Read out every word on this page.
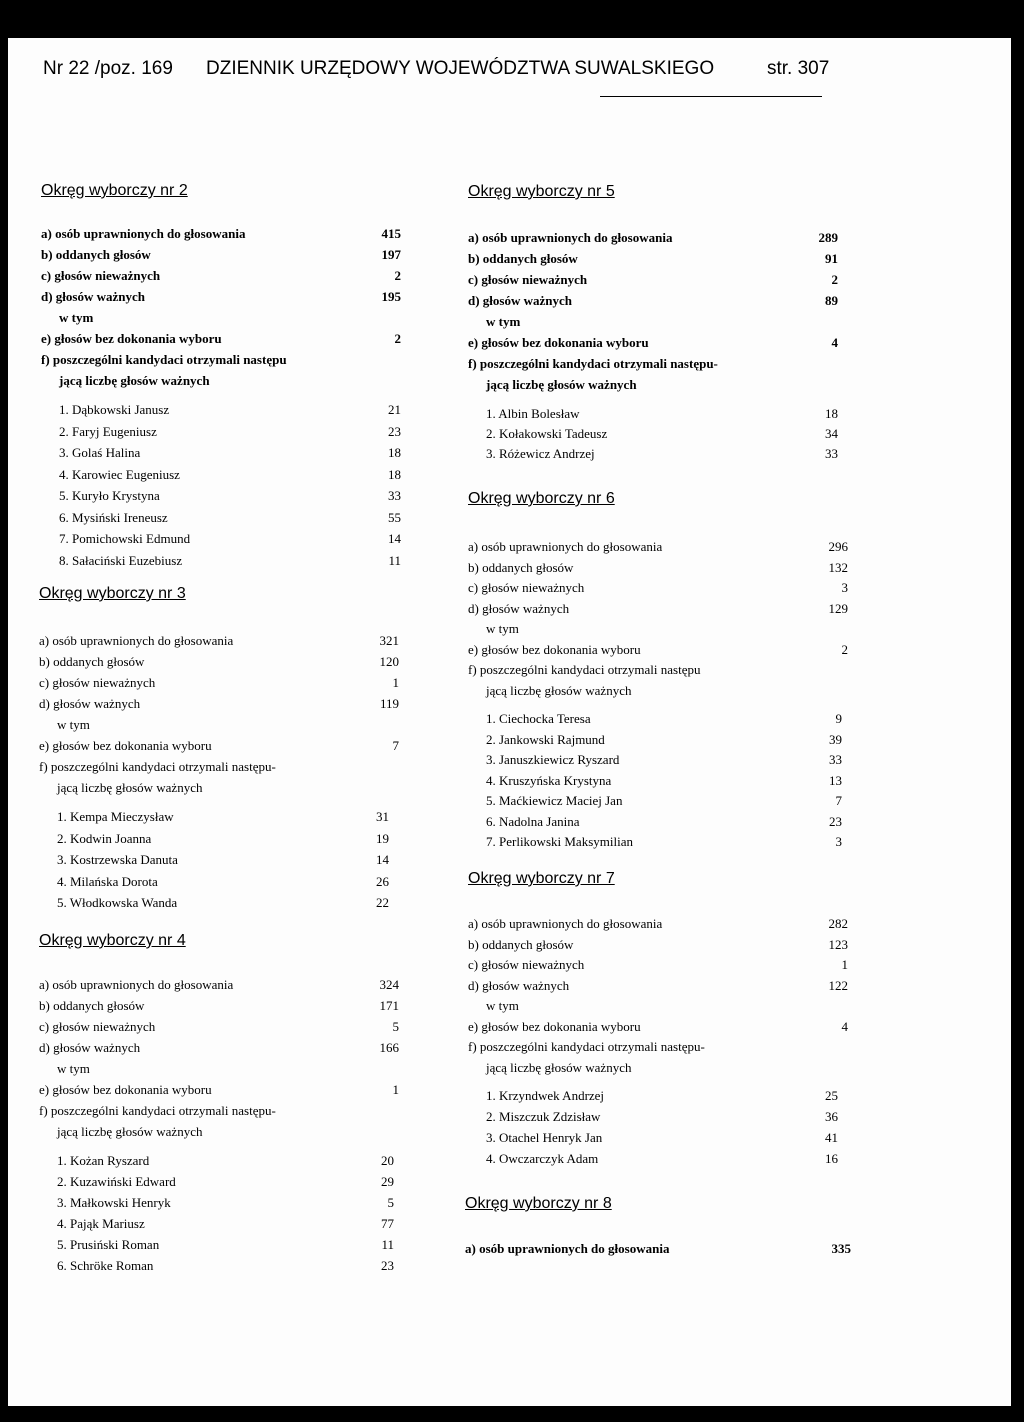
Nr 22 /poz. 169 DZIENNIK URZĘDOWY WOJEWÓDZTWA SUWALSKIEGO	str. 307
Okręg wyborczy nr 2
a) osób uprawnionych do głosowania	415
b) oddanych głosów	197
c) głosów nieważnych	2
d) głosów ważnych	195
w tym
e) głosów bez dokonania wyboru	2
f) poszczególni kandydaci otrzymali następu
jącą liczbę głosów ważnych
1. Dąbkowski Janusz	21
2. Faryj Eugeniusz	23
3. Golaś Halina	18
4. Karowiec Eugeniusz	18
5. Kuryło Krystyna	33
6. Mysiński Ireneusz	55
7. Pomichowski Edmund	14
8. Sałaciński Euzebiusz	11
Okręg wyborczy nr 3
a) osób uprawnionych do głosowania	321
b) oddanych głosów	120
c) głosów nieważnych	1
d) głosów ważnych	119
w tym
e) głosów bez dokonania wyboru	7
f) poszczególni kandydaci otrzymali następu-
jącą liczbę głosów ważnych
1. Kempa Mieczysław	31
2. Kodwin Joanna	19
3. Kostrzewska Danuta	14
4. Milańska Dorota	26
5. Włodkowska Wanda	22
Okręg wyborczy nr 4
a) osób uprawnionych do głosowania	324
b) oddanych głosów	171
c) głosów nieważnych	5
d) głosów ważnych	166
w tym
e) głosów bez dokonania wyboru	1
f) poszczególni kandydaci otrzymali następu-
jącą liczbę głosów ważnych
1. Kożan Ryszard	20
2. Kuzawiński Edward	29
3. Małkowski Henryk	5
4. Pająk Mariusz	77
5. Prusiński Roman	11
6. Schröke Roman	23
Okręg wyborczy nr 5
a) osób uprawnionych do głosowania	289
b) oddanych głosów	91
c) głosów nieważnych	2
d) głosów ważnych	89
w tym
e) głosów bez dokonania wyboru	4
f) poszczególni kandydaci otrzymali następu-
jącą liczbę głosów ważnych
1. Albin Bolesław	18
2. Kołakowski Tadeusz	34
3. Różewicz Andrzej	33
Okręg wyborczy nr 6
a) osób uprawnionych do głosowania	296
b) oddanych głosów	132
c) głosów nieważnych	3
d) głosów ważnych	129
w tym
e) głosów bez dokonania wyboru	2
f) poszczególni kandydaci otrzymali następu
jącą liczbę głosów ważnych
1. Ciechocka Teresa	9
2. Jankowski Rajmund	39
3. Januszkiewicz Ryszard	33
4. Kruszyńska Krystyna	13
5. Maćkiewicz Maciej Jan	7
6. Nadolna Janina	23
7. Perlikowski Maksymilian	3
Okręg wyborczy nr 7
a) osób uprawnionych do głosowania	282
b) oddanych głosów	123
c) głosów nieważnych	1
d) głosów ważnych	122
w tym
e) głosów bez dokonania wyboru	4
f) poszczególni kandydaci otrzymali następu-
jącą liczbę głosów ważnych
1. Krzyndwek Andrzej	25
2. Miszczuk Zdzisław	36
3. Otachel Henryk Jan	41
4. Owczarczyk Adam	16
Okręg wyborczy nr 8
a) osób uprawnionych do głosowania	335
